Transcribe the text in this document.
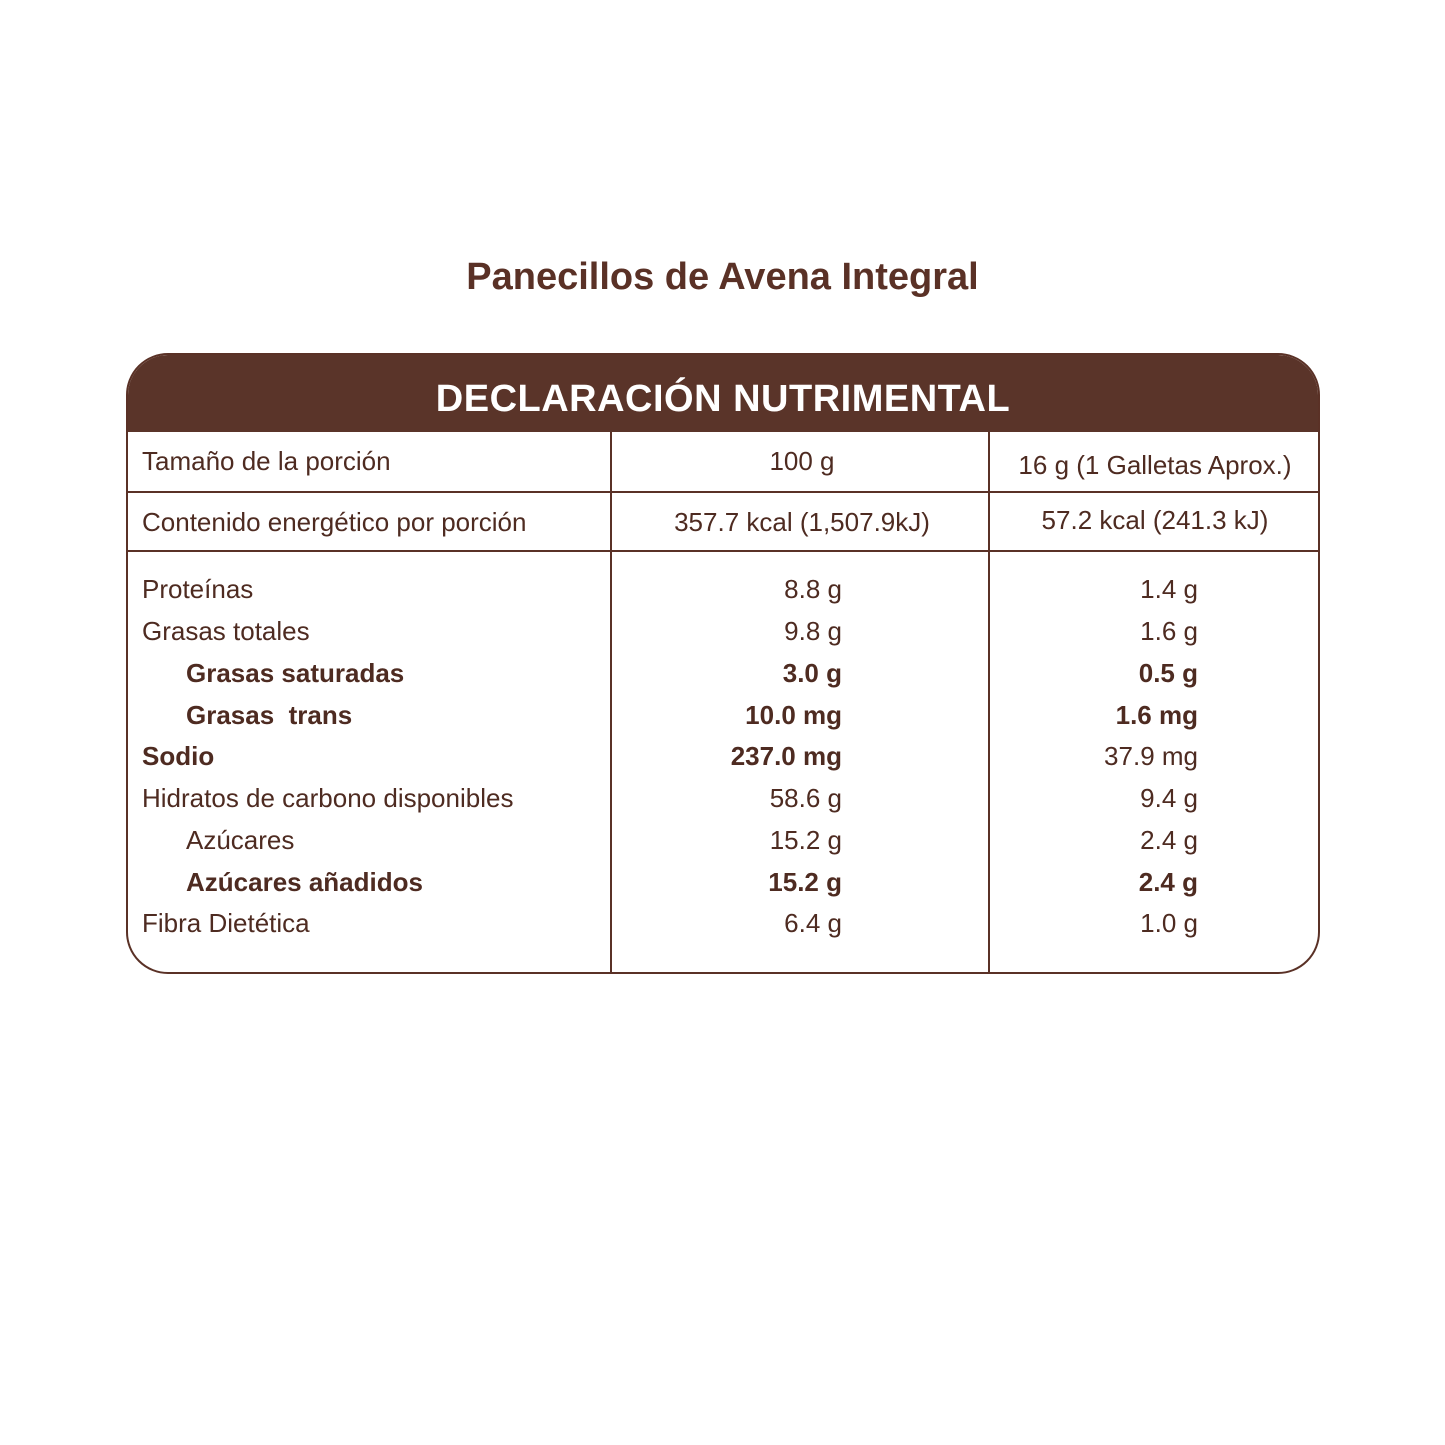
Panecillos de Avena Integral
DECLARACIÓN NUTRIMENTAL
Tamaño de la porción	100 g	16 g (1 Galletas Aprox.)
Contenido energético por porción	357.7 kcal (1,507.9kJ)	57.2 kcal (241.3 kJ)
Proteínas	8.8 g	1.4 g
Grasas totales	9.8 g	1.6 g
Grasas saturadas	3.0 g	0.5 g
Grasas  trans	10.0 mg	1.6 mg
Sodio	237.0 mg	37.9 mg
Hidratos de carbono disponibles	58.6 g	9.4 g
Azúcares	15.2 g	2.4 g
Azúcares añadidos	15.2 g	2.4 g
Fibra Dietética	6.4 g	1.0 g
